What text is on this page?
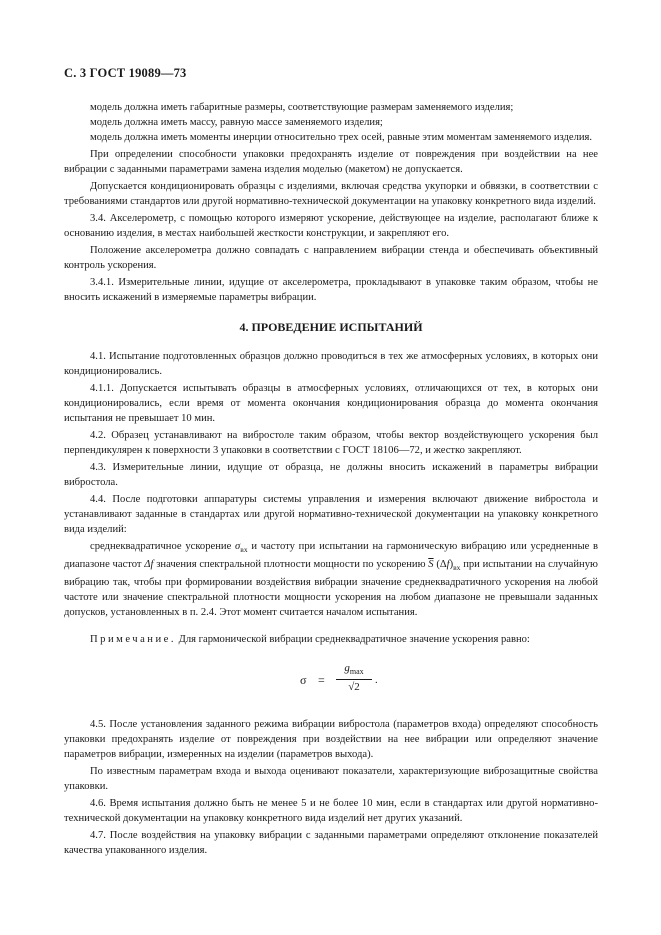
С. 3 ГОСТ 19089—73

модель должна иметь габаритные размеры, соответствующие размерам заменяемого изделия;

модель должна иметь массу, равную массе заменяемого изделия;

модель должна иметь моменты инерции относительно трех осей, равные этим моментам заменяемого изделия.

При определении способности упаковки предохранять изделие от повреждения при воздействии на нее вибрации с заданными параметрами замена изделия моделью (макетом) не допускается.

Допускается кондиционировать образцы с изделиями, включая средства укупорки и обвязки, в соответствии с требованиями стандартов или другой нормативно-технической документации на упаковку конкретного вида изделий.

3.4. Акселерометр, с помощью которого измеряют ускорение, действующее на изделие, располагают ближе к основанию изделия, в местах наибольшей жесткости конструкции, и закрепляют его.

Положение акселерометра должно совпадать с направлением вибрации стенда и обеспечивать объективный контроль ускорения.

3.4.1. Измерительные линии, идущие от акселерометра, прокладывают в упаковке таким образом, чтобы не вносить искажений в измеряемые параметры вибрации.

4. ПРОВЕДЕНИЕ ИСПЫТАНИЙ

4.1. Испытание подготовленных образцов должно проводиться в тех же атмосферных условиях, в которых они кондиционировались.

4.1.1. Допускается испытывать образцы в атмосферных условиях, отличающихся от тех, в которых они кондиционировались, если время от момента окончания кондиционирования образца до момента окончания испытания не превышает 10 мин.

4.2. Образец устанавливают на вибростоле таким образом, чтобы вектор воздействующего ускорения был перпендикулярен к поверхности 3 упаковки в соответствии с ГОСТ 18106—72, и жестко закрепляют.

4.3. Измерительные линии, идущие от образца, не должны вносить искажений в параметры вибрации вибростола.

4.4. После подготовки аппаратуры системы управления и измерения включают движение вибростола и устанавливают заданные в стандартах или другой нормативно-технической документации на упаковку конкретного вида изделий:

среднеквадратичное ускорение $\sigma_{вх}$ и частоту при испытании на гармоническую вибрацию или усредненные в диапазоне частот Δf значения спектральной плотности мощности по ускорению $\overline{S}$ $(\Delta f)_{вх}$ при испытании на случайную вибрацию так, чтобы при формировании воздействия вибрации значение среднеквадратичного ускорения на любой частоте или значение спектральной плотности мощности ускорения на любом диапазоне не превышали заданных допусков, установленных в п. 2.4. Этот момент считается началом испытания.

Примечание. Для гармонической вибрации среднеквадратичное значение ускорения равно:

σ =
$g_{max}$
√2
.

4.5. После установления заданного режима вибрации вибростола (параметров входа) определяют способность упаковки предохранять изделие от повреждения при воздействии на нее вибрации или определяют значение параметров вибрации, измеренных на изделии (параметров выхода).

По известным параметрам входа и выхода оценивают показатели, характеризующие виброзащитные свойства упаковки.

4.6. Время испытания должно быть не менее 5 и не более 10 мин, если в стандартах или другой нормативно-технической документации на упаковку конкретного вида изделий нет других указаний.

4.7. После воздействия на упаковку вибрации с заданными параметрами определяют отклонение показателей качества упакованного изделия.
